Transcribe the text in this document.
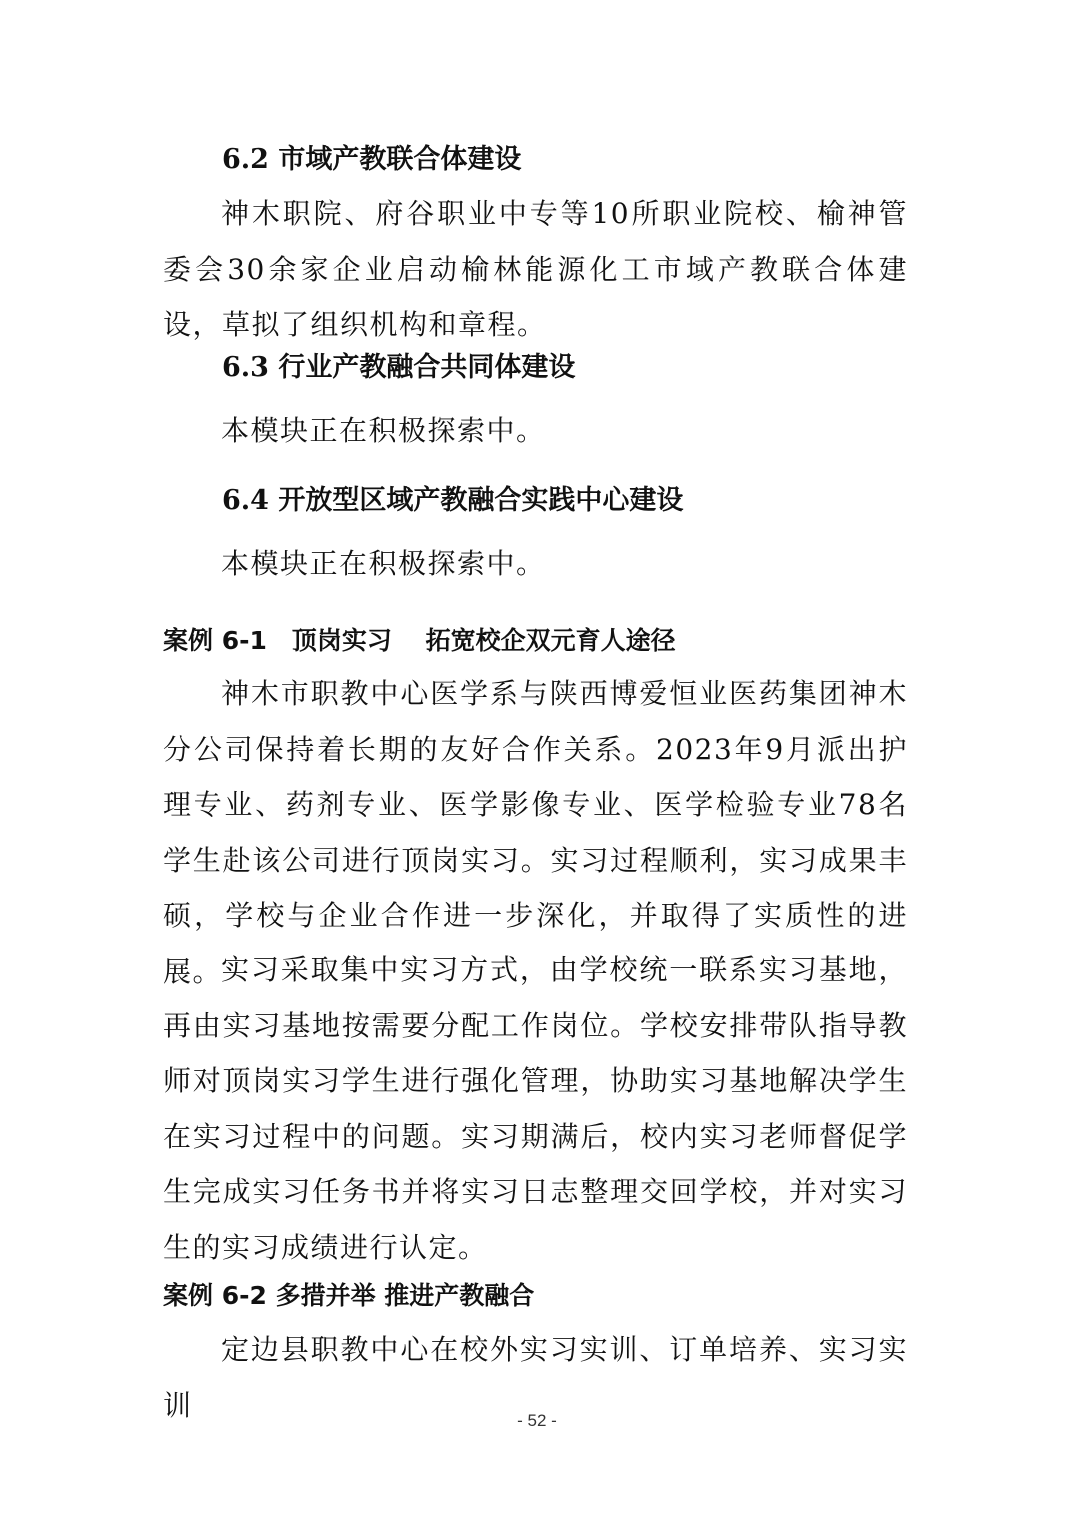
6.2 市域产教联合体建设

神木职院、府谷职业中专等10所职业院校、榆神管委会30余家企业启动榆林能源化工市域产教联合体建设，草拟了组织机构和章程。

6.3 行业产教融合共同体建设

本模块正在积极探索中。

6.4 开放型区域产教融合实践中心建设

本模块正在积极探索中。

案例 6-1　顶岗实习　 拓宽校企双元育人途径

神木市职教中心医学系与陕西博爱恒业医药集团神木分公司保持着长期的友好合作关系。2023年9月派出护理专业、药剂专业、医学影像专业、医学检验专业78名学生赴该公司进行顶岗实习。实习过程顺利，实习成果丰硕，学校与企业合作进一步深化，并取得了实质性的进展。

实习采取集中实习方式，由学校统一联系实习基地，再由实习基地按需要分配工作岗位。学校安排带队指导教师对顶岗实习学生进行强化管理，协助实习基地解决学生在实习过程中的问题。实习期满后，校内实习老师督促学生完成实习任务书并将实习日志整理交回学校，并对实习生的实习成绩进行认定。

案例 6-2 多措并举 推进产教融合

定边县职教中心在校外实习实训、订单培养、实习实训	- 52 -
